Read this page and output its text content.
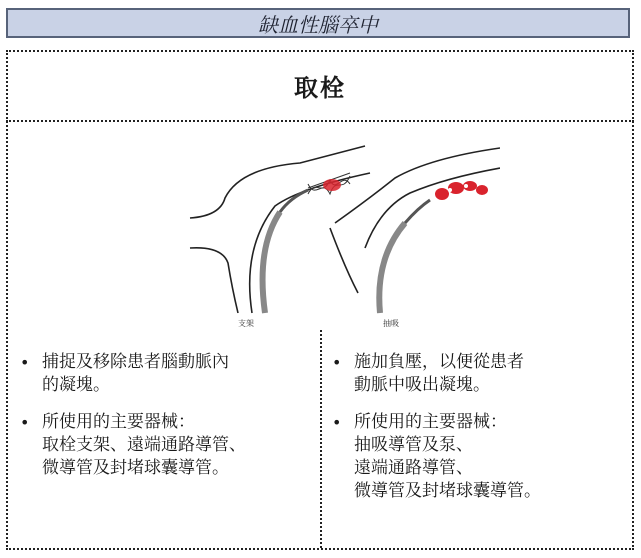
缺血性腦卒中
取栓
支架	抽吸
• 捕捉及移除患者腦動脈內
的凝塊。
• 所使用的主要器械：
取栓支架、遠端通路導管、
微導管及封堵球囊導管。
• 施加負壓，以便從患者
動脈中吸出凝塊。
• 所使用的主要器械：
抽吸導管及泵、
遠端通路導管、
微導管及封堵球囊導管。
